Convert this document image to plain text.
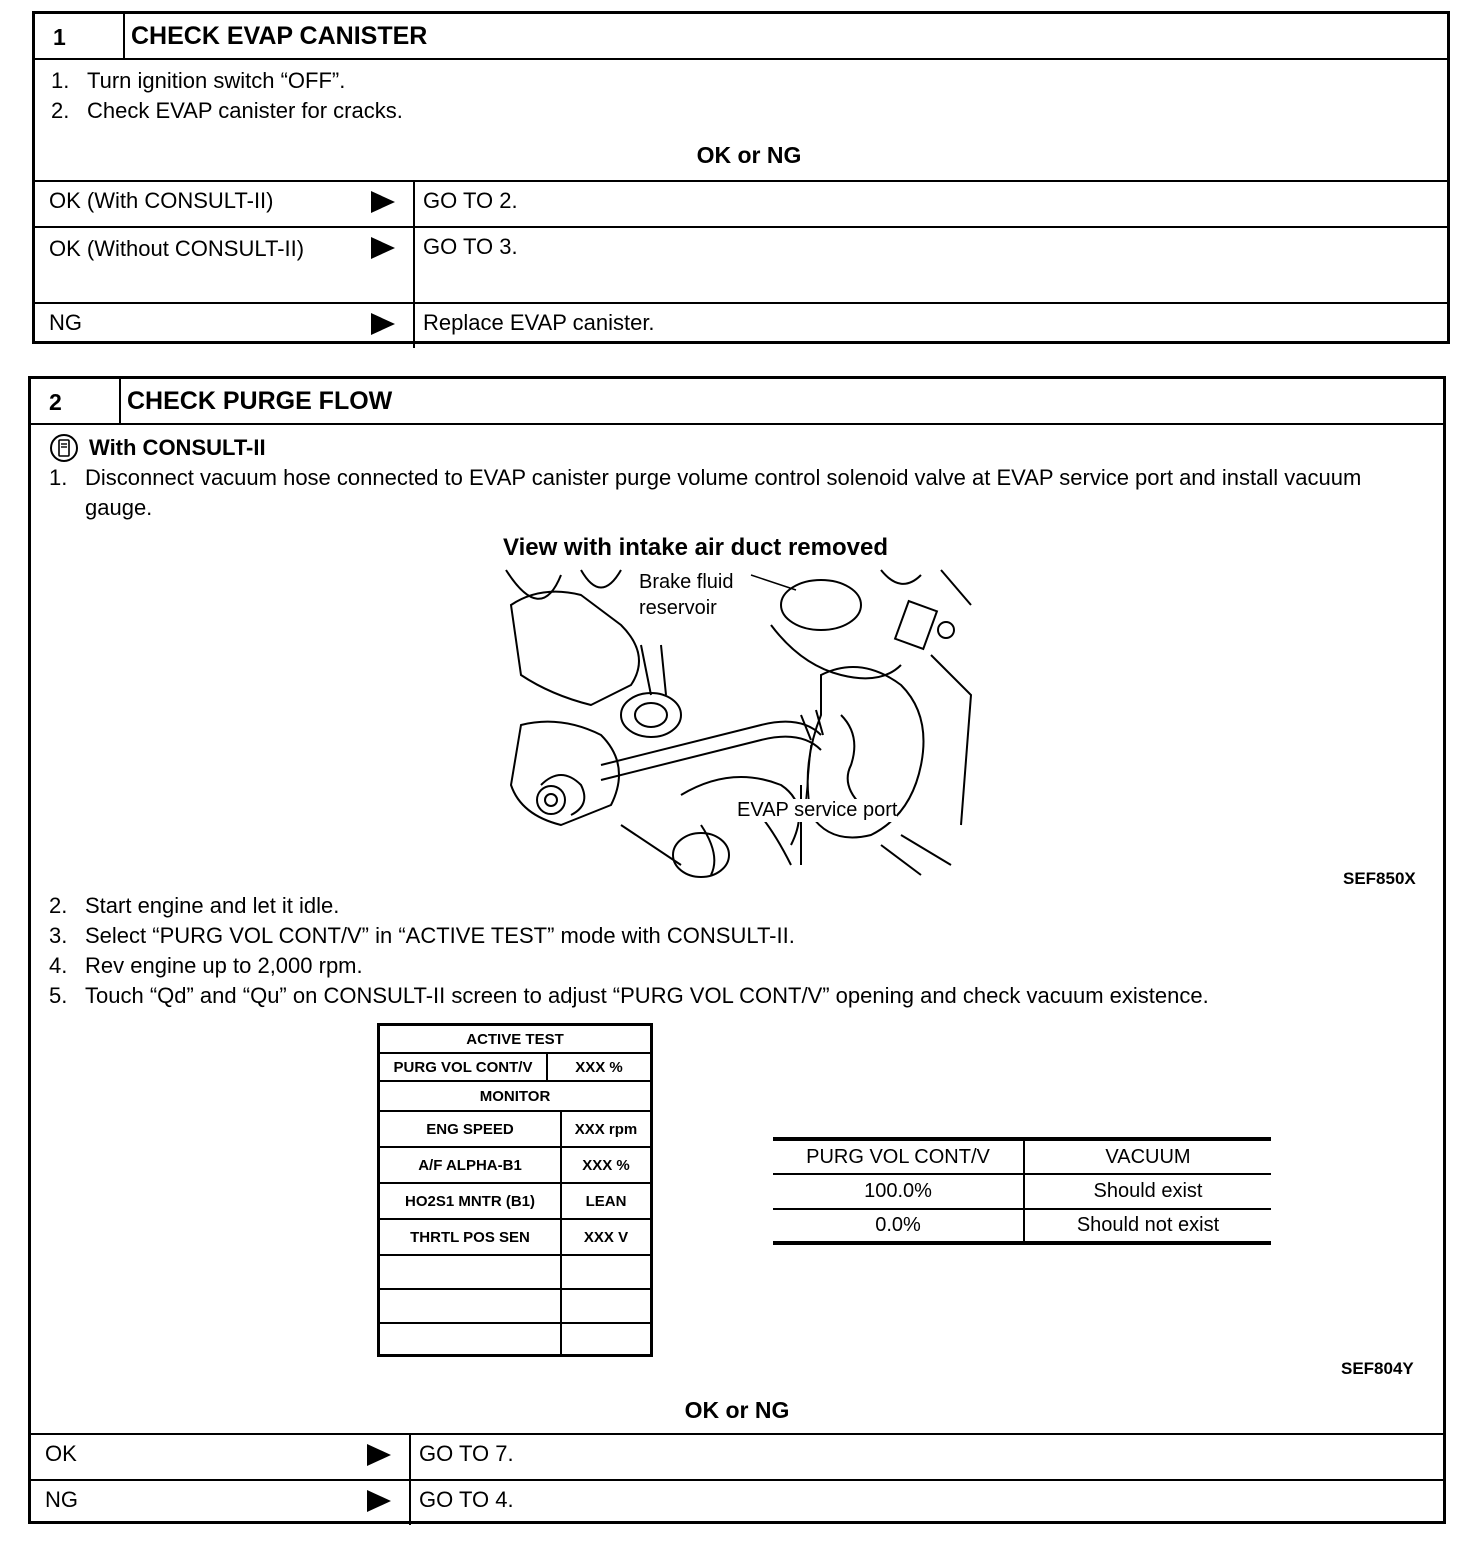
1	CHECK EVAP CANISTER
1. Turn ignition switch “OFF”.
2. Check EVAP canister for cracks.
OK or NG
OK (With CONSULT-II)	GO TO 2.
OK (Without CONSULT-II)	GO TO 3.
NG	Replace EVAP canister.
2	CHECK PURGE FLOW
With CONSULT-II
1. Disconnect vacuum hose connected to EVAP canister purge volume control solenoid valve at EVAP service port and install vacuum gauge.
View with intake air duct removed
Brake fluid
reservoir
EVAP service port
SEF850X
2. Start engine and let it idle.
3. Select “PURG VOL CONT/V” in “ACTIVE TEST” mode with CONSULT-II.
4. Rev engine up to 2,000 rpm.
5. Touch “Qd” and “Qu” on CONSULT-II screen to adjust “PURG VOL CONT/V” opening and check vacuum existence.
ACTIVE TEST
PURG VOL CONT/V	XXX %
MONITOR
ENG SPEED	XXX rpm
A/F ALPHA-B1	XXX %
HO2S1 MNTR (B1)	LEAN
THRTL POS SEN	XXX V
PURG VOL CONT/V	VACUUM
100.0%	Should exist
0.0%	Should not exist
SEF804Y
OK or NG
OK	GO TO 7.
NG	GO TO 4.
